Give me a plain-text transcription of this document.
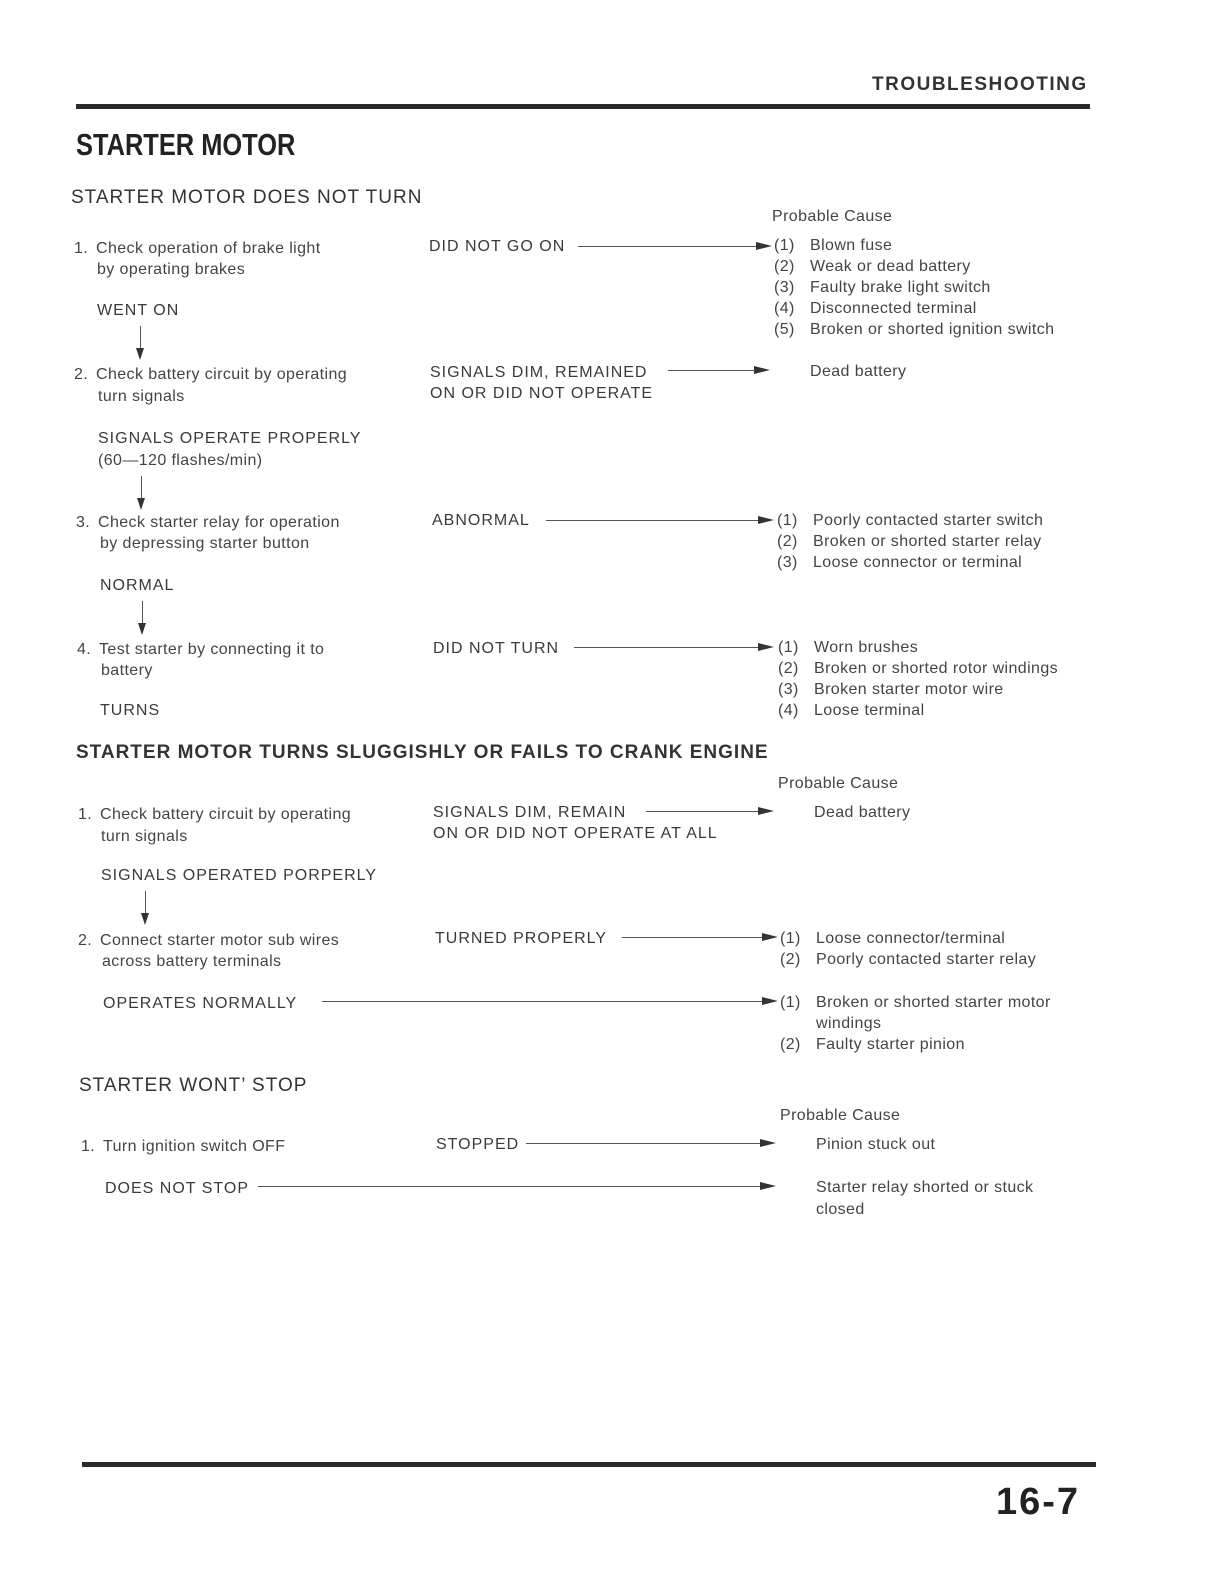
TROUBLESHOOTING
STARTER MOTOR
STARTER MOTOR DOES NOT TURN
Probable Cause
1. Check operation of brake light
by operating brakes
WENT ON
DID NOT GO ON	(1) Blown fuse
(2) Weak or dead battery
(3) Faulty brake light switch
(4) Disconnected terminal
(5) Broken or shorted ignition switch
2. Check battery circuit by operating
turn signals
SIGNALS OPERATE PROPERLY
(60—120 flashes/min)
SIGNALS DIM, REMAINED
ON OR DID NOT OPERATE
Dead battery
3. Check starter relay for operation
by depressing starter button
NORMAL
ABNORMAL	(1) Poorly contacted starter switch
(2) Broken or shorted starter relay
(3) Loose connector or terminal
4. Test starter by connecting it to
battery
TURNS
DID NOT TURN	(1) Worn brushes
(2) Broken or shorted rotor windings
(3) Broken starter motor wire
(4) Loose terminal
STARTER MOTOR TURNS SLUGGISHLY OR FAILS TO CRANK ENGINE
Probable Cause
1. Check battery circuit by operating
turn signals
SIGNALS OPERATED PORPERLY
SIGNALS DIM, REMAIN
ON OR DID NOT OPERATE AT ALL
Dead battery
2. Connect starter motor sub wires
across battery terminals
TURNED PROPERLY	(1) Loose connector/terminal
(2) Poorly contacted starter relay
OPERATES NORMALLY	(1) Broken or shorted starter motor
windings
(2) Faulty starter pinion
STARTER WONT’ STOP
Probable Cause
1. Turn ignition switch OFF	STOPPED	Pinion stuck out
DOES NOT STOP	Starter relay shorted or stuck
closed
16-7
